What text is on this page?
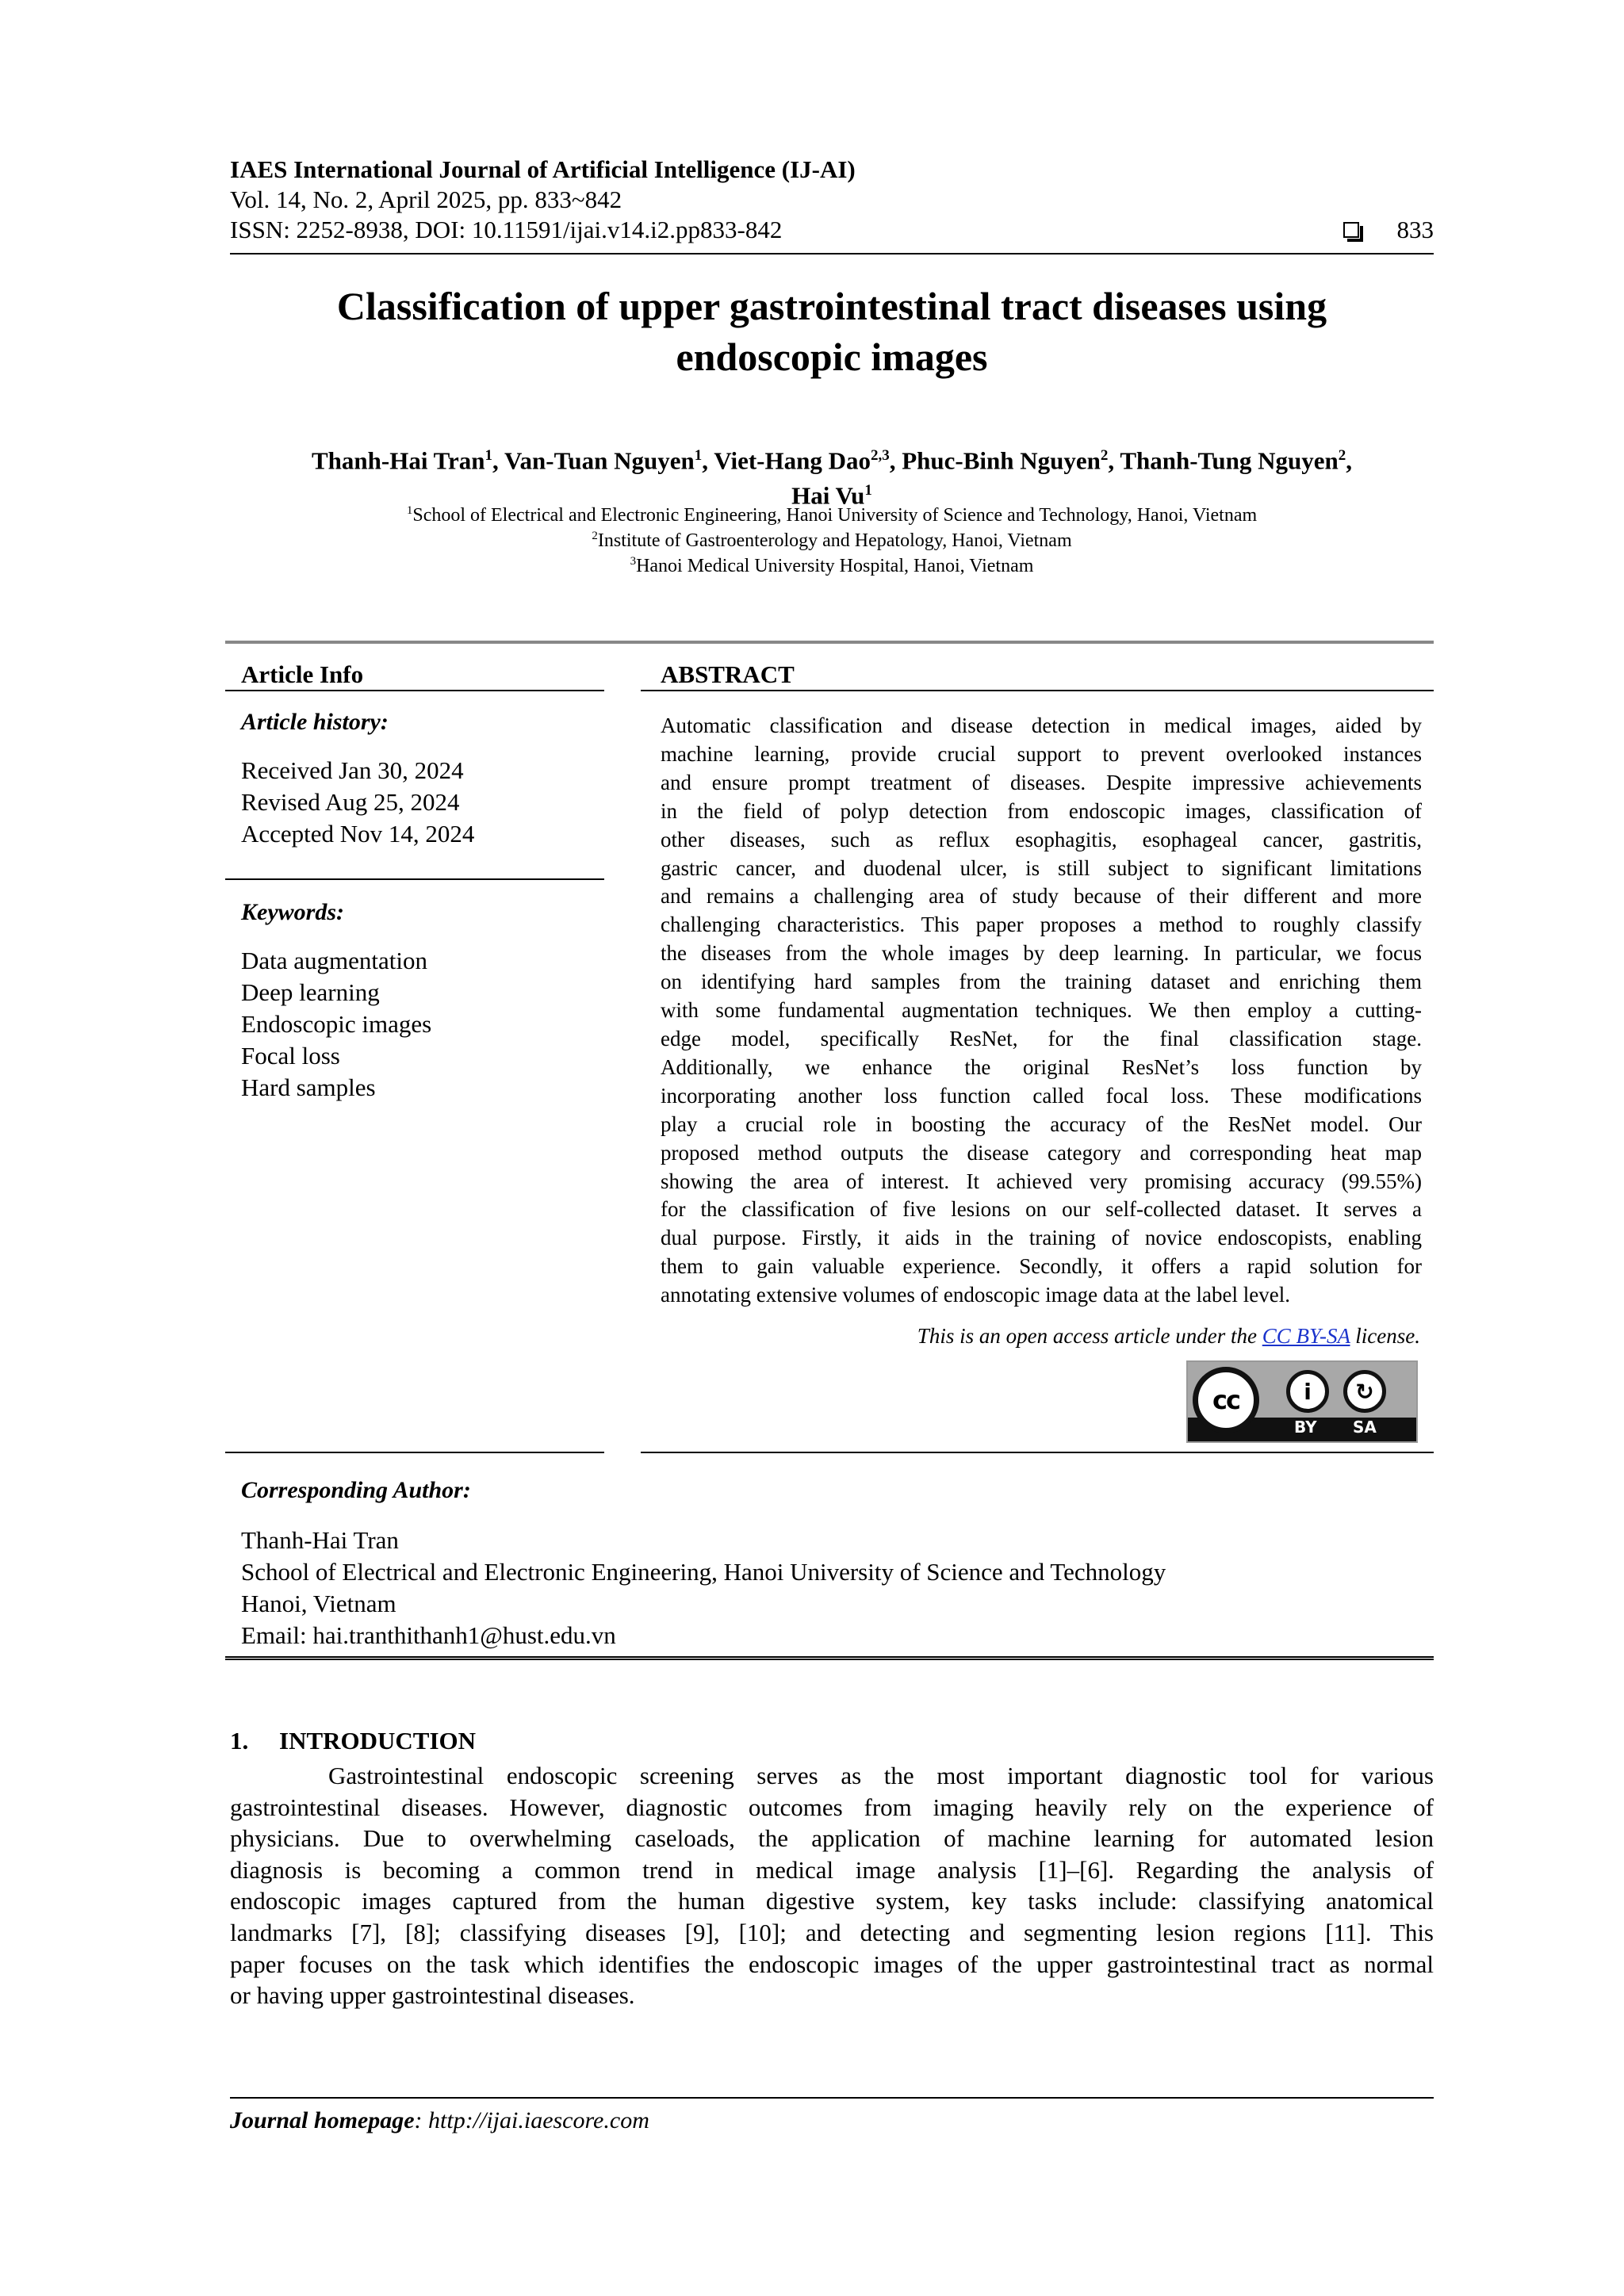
IAES International Journal of Artificial Intelligence (IJ-AI)
Vol. 14, No. 2, April 2025, pp. 833~842
ISSN: 2252-8938, DOI: 10.11591/ijai.v14.i2.pp833-842	833
Classification of upper gastrointestinal tract diseases using
endoscopic images
Thanh-Hai Tran$^1$, Van-Tuan Nguyen$^1$, Viet-Hang Dao$^{2,3}$, Phuc-Binh Nguyen$^2$, Thanh-Tung Nguyen$^2$,
Hai Vu$^1$
$^1$School of Electrical and Electronic Engineering, Hanoi University of Science and Technology, Hanoi, Vietnam
$^2$Institute of Gastroenterology and Hepatology, Hanoi, Vietnam
$^3$Hanoi Medical University Hospital, Hanoi, Vietnam
Article Info
Article history:
Received Jan 30, 2024
Revised Aug 25, 2024
Accepted Nov 14, 2024
Keywords:
Data augmentation
Deep learning
Endoscopic images
Focal loss
Hard samples
ABSTRACT
Automatic classification and disease detection in medical images, aided by
machine learning, provide crucial support to prevent overlooked instances
and ensure prompt treatment of diseases. Despite impressive achievements
in the field of polyp detection from endoscopic images, classification of
other diseases, such as reflux esophagitis, esophageal cancer, gastritis,
gastric cancer, and duodenal ulcer, is still subject to significant limitations
and remains a challenging area of study because of their different and more
challenging characteristics. This paper proposes a method to roughly classify
the diseases from the whole images by deep learning. In particular, we focus
on identifying hard samples from the training dataset and enriching them
with some fundamental augmentation techniques. We then employ a cutting-
edge model, specifically ResNet, for the final classification stage.
Additionally, we enhance the original ResNet’s loss function by
incorporating another loss function called focal loss. These modifications
play a crucial role in boosting the accuracy of the ResNet model. Our
proposed method outputs the disease category and corresponding heat map
showing the area of interest. It achieved very promising accuracy (99.55%)
for the classification of five lesions on our self-collected dataset. It serves a
dual purpose. Firstly, it aids in the training of novice endoscopists, enabling
them to gain valuable experience. Secondly, it offers a rapid solution for
annotating extensive volumes of endoscopic image data at the label level.
This is an open access article under the CC BY-SA license.
cc	i ↻
BY SA
Corresponding Author:
Thanh-Hai Tran
School of Electrical and Electronic Engineering, Hanoi University of Science and Technology
Hanoi, Vietnam
Email: hai.tranthithanh1@hust.edu.vn
1.     INTRODUCTION
Gastrointestinal endoscopic screening serves as the most important diagnostic tool for various
gastrointestinal diseases. However, diagnostic outcomes from imaging heavily rely on the experience of
physicians. Due to overwhelming caseloads, the application of machine learning for automated lesion
diagnosis is becoming a common trend in medical image analysis [1]–[6]. Regarding the analysis of
endoscopic images captured from the human digestive system, key tasks include: classifying anatomical
landmarks [7], [8]; classifying diseases [9], [10]; and detecting and segmenting lesion regions [11]. This
paper focuses on the task which identifies the endoscopic images of the upper gastrointestinal tract as normal
or having upper gastrointestinal diseases.
Journal homepage: http://ijai.iaescore.com
